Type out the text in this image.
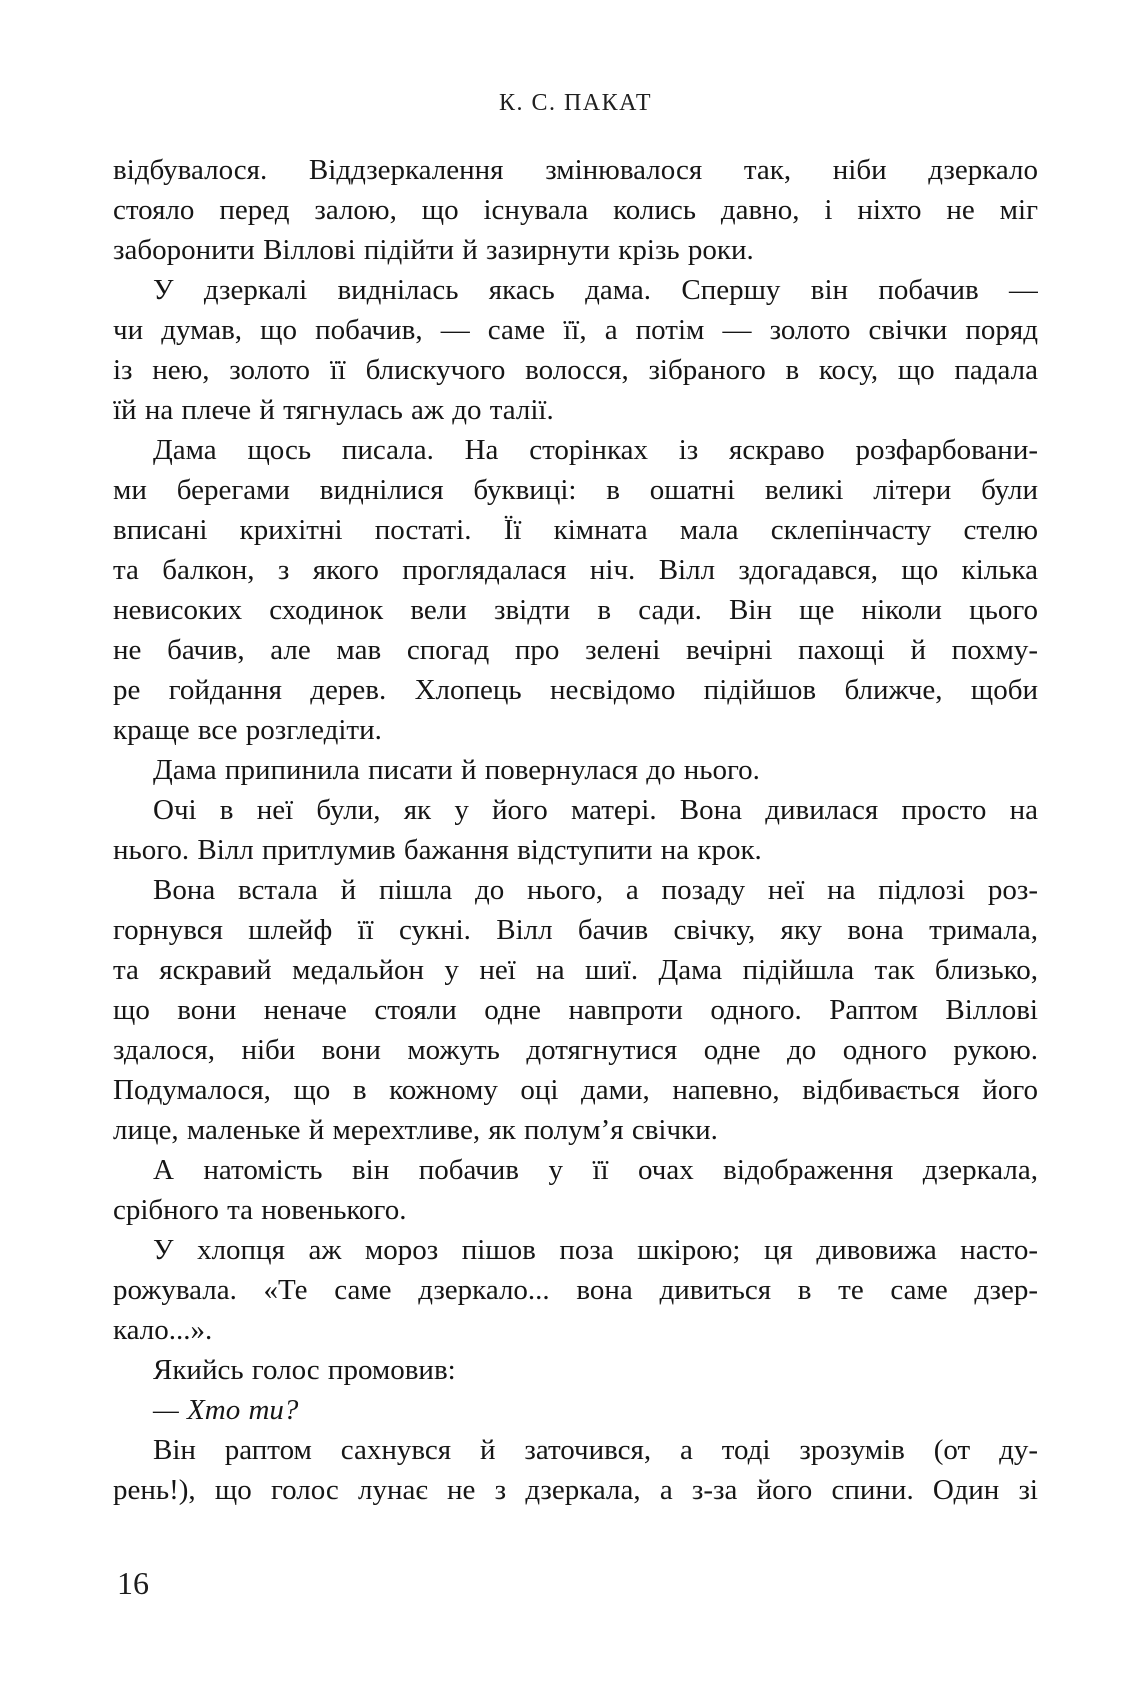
К. С. ПАКАТ
відбувалося. Віддзеркалення змінювалося так, ніби дзеркало
стояло перед залою, що існувала колись давно, і ніхто не міг
заборонити Віллові підійти й зазирнути крізь роки.
У дзеркалі виднілась якась дама. Спершу він побачив —
чи думав, що побачив, — саме її, а потім — золото свічки поряд
із нею, золото її блискучого волосся, зібраного в косу, що падала
їй на плече й тягнулась аж до талії.
Дама щось писала. На сторінках із яскраво розфарбовани-
ми берегами виднілися буквиці: в ошатні великі літери були
вписані крихітні постаті. Її кімната мала склепінчасту стелю
та балкон, з якого проглядалася ніч. Вілл здогадався, що кілька
невисоких сходинок вели звідти в сади. Він ще ніколи цього
не бачив, але мав спогад про зелені вечірні пахощі й похму-
ре гойдання дерев. Хлопець несвідомо підійшов ближче, щоби
краще все розгледіти.
Дама припинила писати й повернулася до нього.
Очі в неї були, як у його матері. Вона дивилася просто на
нього. Вілл притлумив бажання відступити на крок.
Вона встала й пішла до нього, а позаду неї на підлозі роз-
горнувся шлейф її сукні. Вілл бачив свічку, яку вона тримала,
та яскравий медальйон у неї на шиї. Дама підійшла так близько,
що вони неначе стояли одне навпроти одного. Раптом Віллові
здалося, ніби вони можуть дотягнутися одне до одного рукою.
Подумалося, що в кожному оці дами, напевно, відбивається його
лице, маленьке й мерехтливе, як полум’я свічки.
А натомість він побачив у її очах відображення дзеркала,
срібного та новенького.
У хлопця аж мороз пішов поза шкірою; ця дивовижа насто-
рожувала. «Те саме дзеркало... вона дивиться в те саме дзер-
кало...».
Якийсь голос промовив:
— Хто ти?
Він раптом сахнувся й заточився, а тоді зрозумів (от ду-
рень!), що голос лунає не з дзеркала, а з-за його спини. Один зі
16
